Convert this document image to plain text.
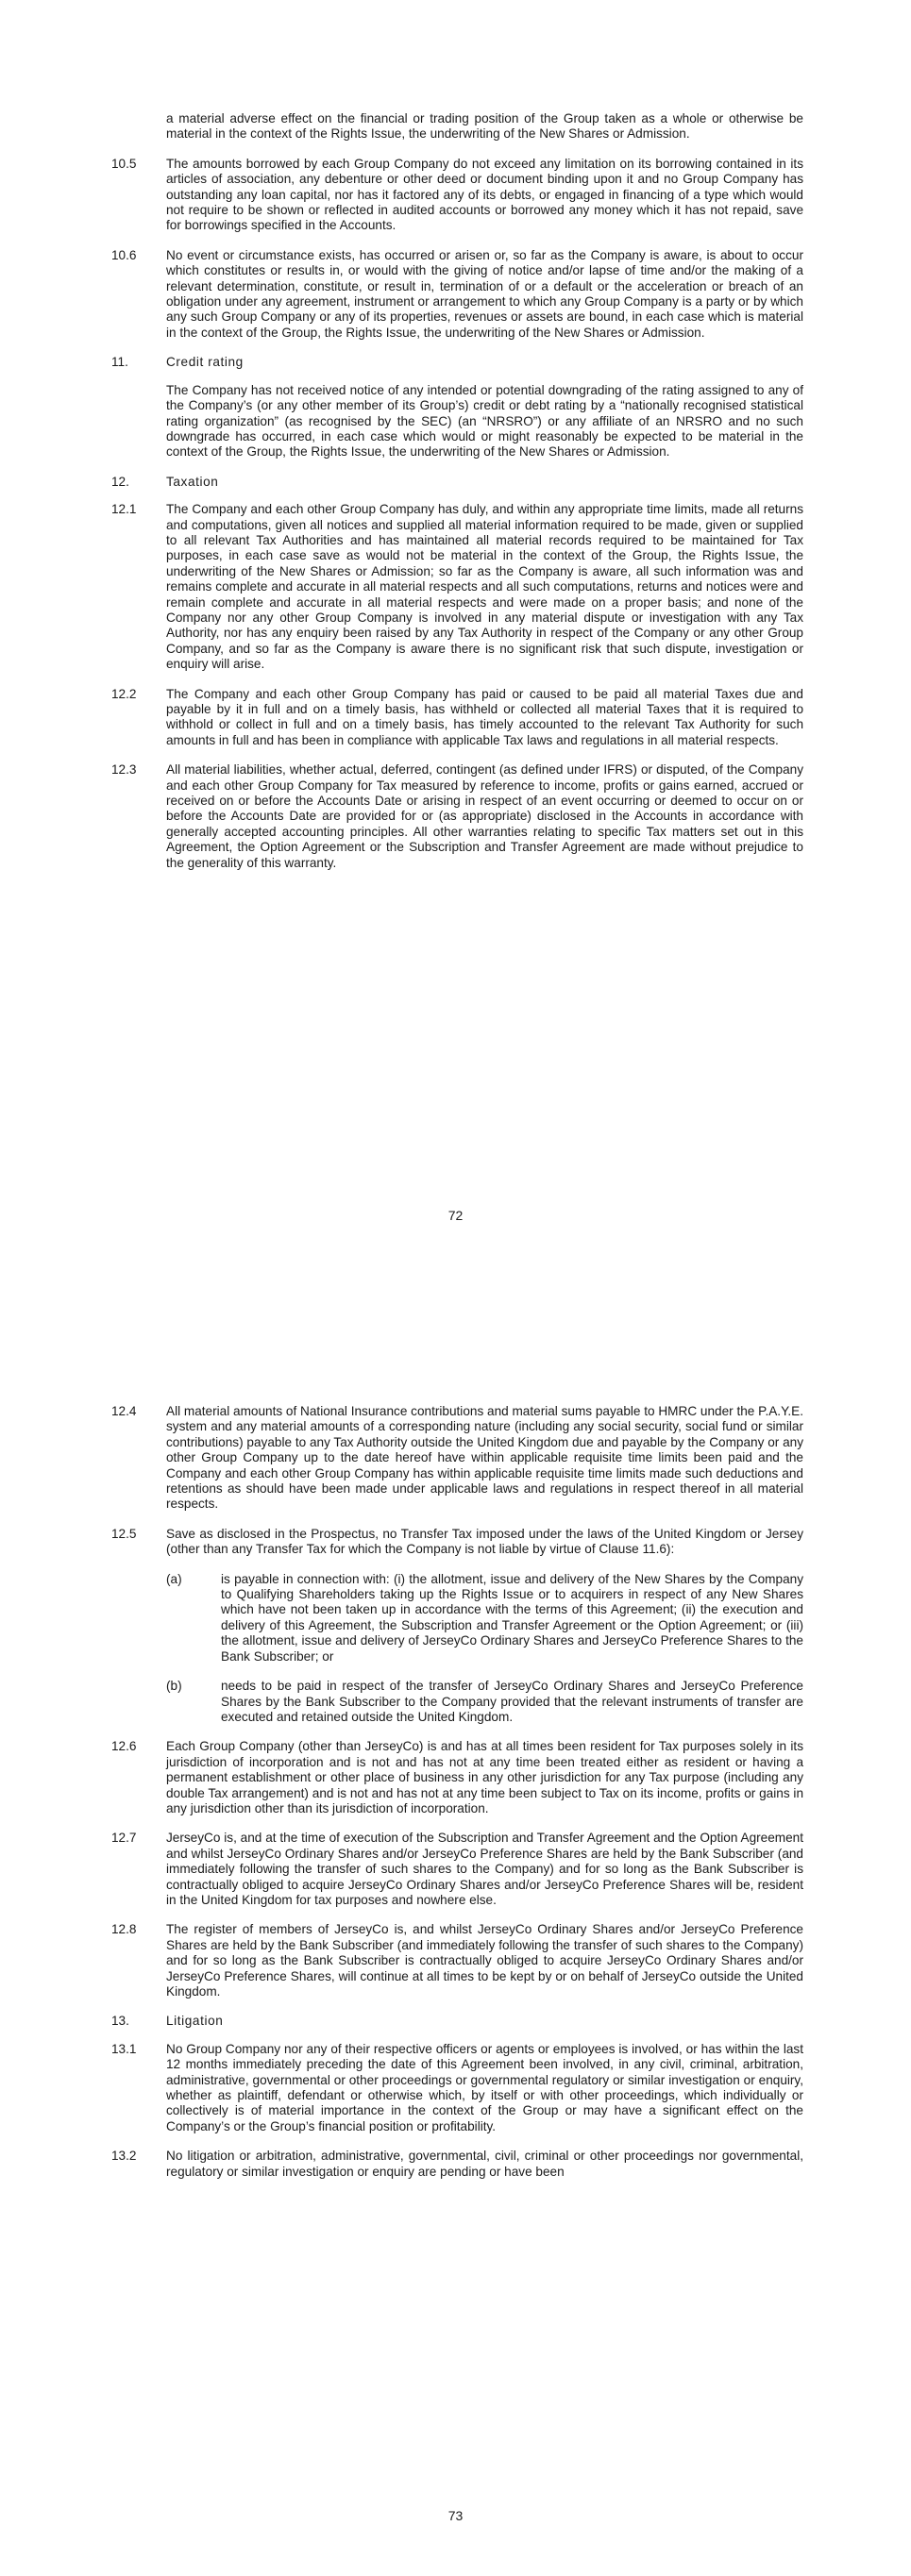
a material adverse effect on the financial or trading position of the Group taken as a whole or otherwise be material in the context of the Rights Issue, the underwriting of the New Shares or Admission.
10.5	The amounts borrowed by each Group Company do not exceed any limitation on its borrowing contained in its articles of association, any debenture or other deed or document binding upon it and no Group Company has outstanding any loan capital, nor has it factored any of its debts, or engaged in financing of a type which would not require to be shown or reflected in audited accounts or borrowed any money which it has not repaid, save for borrowings specified in the Accounts.
10.6	No event or circumstance exists, has occurred or arisen or, so far as the Company is aware, is about to occur which constitutes or results in, or would with the giving of notice and/or lapse of time and/or the making of a relevant determination, constitute, or result in, termination of or a default or the acceleration or breach of an obligation under any agreement, instrument or arrangement to which any Group Company is a party or by which any such Group Company or any of its properties, revenues or assets are bound, in each case which is material in the context of the Group, the Rights Issue, the underwriting of the New Shares or Admission.
11.	Credit rating
The Company has not received notice of any intended or potential downgrading of the rating assigned to any of the Company’s (or any other member of its Group’s) credit or debt rating by a “nationally recognised statistical rating organization” (as recognised by the SEC) (an “NRSRO”) or any affiliate of an NRSRO and no such downgrade has occurred, in each case which would or might reasonably be expected to be material in the context of the Group, the Rights Issue, the underwriting of the New Shares or Admission.
12.	Taxation
12.1	The Company and each other Group Company has duly, and within any appropriate time limits, made all returns and computations, given all notices and supplied all material information required to be made, given or supplied to all relevant Tax Authorities and has maintained all material records required to be maintained for Tax purposes, in each case save as would not be material in the context of the Group, the Rights Issue, the underwriting of the New Shares or Admission; so far as the Company is aware, all such information was and remains complete and accurate in all material respects and all such computations, returns and notices were and remain complete and accurate in all material respects and were made on a proper basis; and none of the Company nor any other Group Company is involved in any material dispute or investigation with any Tax Authority, nor has any enquiry been raised by any Tax Authority in respect of the Company or any other Group Company, and so far as the Company is aware there is no significant risk that such dispute, investigation or enquiry will arise.
12.2	The Company and each other Group Company has paid or caused to be paid all material Taxes due and payable by it in full and on a timely basis, has withheld or collected all material Taxes that it is required to withhold or collect in full and on a timely basis, has timely accounted to the relevant Tax Authority for such amounts in full and has been in compliance with applicable Tax laws and regulations in all material respects.
12.3	All material liabilities, whether actual, deferred, contingent (as defined under IFRS) or disputed, of the Company and each other Group Company for Tax measured by reference to income, profits or gains earned, accrued or received on or before the Accounts Date or arising in respect of an event occurring or deemed to occur on or before the Accounts Date are provided for or (as appropriate) disclosed in the Accounts in accordance with generally accepted accounting principles. All other warranties relating to specific Tax matters set out in this Agreement, the Option Agreement or the Subscription and Transfer Agreement are made without prejudice to the generality of this warranty.
72
12.4	All material amounts of National Insurance contributions and material sums payable to HMRC under the P.A.Y.E. system and any material amounts of a corresponding nature (including any social security, social fund or similar contributions) payable to any Tax Authority outside the United Kingdom due and payable by the Company or any other Group Company up to the date hereof have within applicable requisite time limits been paid and the Company and each other Group Company has within applicable requisite time limits made such deductions and retentions as should have been made under applicable laws and regulations in respect thereof in all material respects.
12.5	Save as disclosed in the Prospectus, no Transfer Tax imposed under the laws of the United Kingdom or Jersey (other than any Transfer Tax for which the Company is not liable by virtue of Clause 11.6):
(a)	is payable in connection with: (i) the allotment, issue and delivery of the New Shares by the Company to Qualifying Shareholders taking up the Rights Issue or to acquirers in respect of any New Shares which have not been taken up in accordance with the terms of this Agreement; (ii) the execution and delivery of this Agreement, the Subscription and Transfer Agreement or the Option Agreement; or (iii) the allotment, issue and delivery of JerseyCo Ordinary Shares and JerseyCo Preference Shares to the Bank Subscriber; or
(b)	needs to be paid in respect of the transfer of JerseyCo Ordinary Shares and JerseyCo Preference Shares by the Bank Subscriber to the Company provided that the relevant instruments of transfer are executed and retained outside the United Kingdom.
12.6	Each Group Company (other than JerseyCo) is and has at all times been resident for Tax purposes solely in its jurisdiction of incorporation and is not and has not at any time been treated either as resident or having a permanent establishment or other place of business in any other jurisdiction for any Tax purpose (including any double Tax arrangement) and is not and has not at any time been subject to Tax on its income, profits or gains in any jurisdiction other than its jurisdiction of incorporation.
12.7	JerseyCo is, and at the time of execution of the Subscription and Transfer Agreement and the Option Agreement and whilst JerseyCo Ordinary Shares and/or JerseyCo Preference Shares are held by the Bank Subscriber (and immediately following the transfer of such shares to the Company) and for so long as the Bank Subscriber is contractually obliged to acquire JerseyCo Ordinary Shares and/or JerseyCo Preference Shares will be, resident in the United Kingdom for tax purposes and nowhere else.
12.8	The register of members of JerseyCo is, and whilst JerseyCo Ordinary Shares and/or JerseyCo Preference Shares are held by the Bank Subscriber (and immediately following the transfer of such shares to the Company) and for so long as the Bank Subscriber is contractually obliged to acquire JerseyCo Ordinary Shares and/or JerseyCo Preference Shares, will continue at all times to be kept by or on behalf of JerseyCo outside the United Kingdom.
13.	Litigation
13.1	No Group Company nor any of their respective officers or agents or employees is involved, or has within the last 12 months immediately preceding the date of this Agreement been involved, in any civil, criminal, arbitration, administrative, governmental or other proceedings or governmental regulatory or similar investigation or enquiry, whether as plaintiff, defendant or otherwise which, by itself or with other proceedings, which individually or collectively is of material importance in the context of the Group or may have a significant effect on the Company’s or the Group’s financial position or profitability.
13.2	No litigation or arbitration, administrative, governmental, civil, criminal or other proceedings nor governmental, regulatory or similar investigation or enquiry are pending or have been
73
